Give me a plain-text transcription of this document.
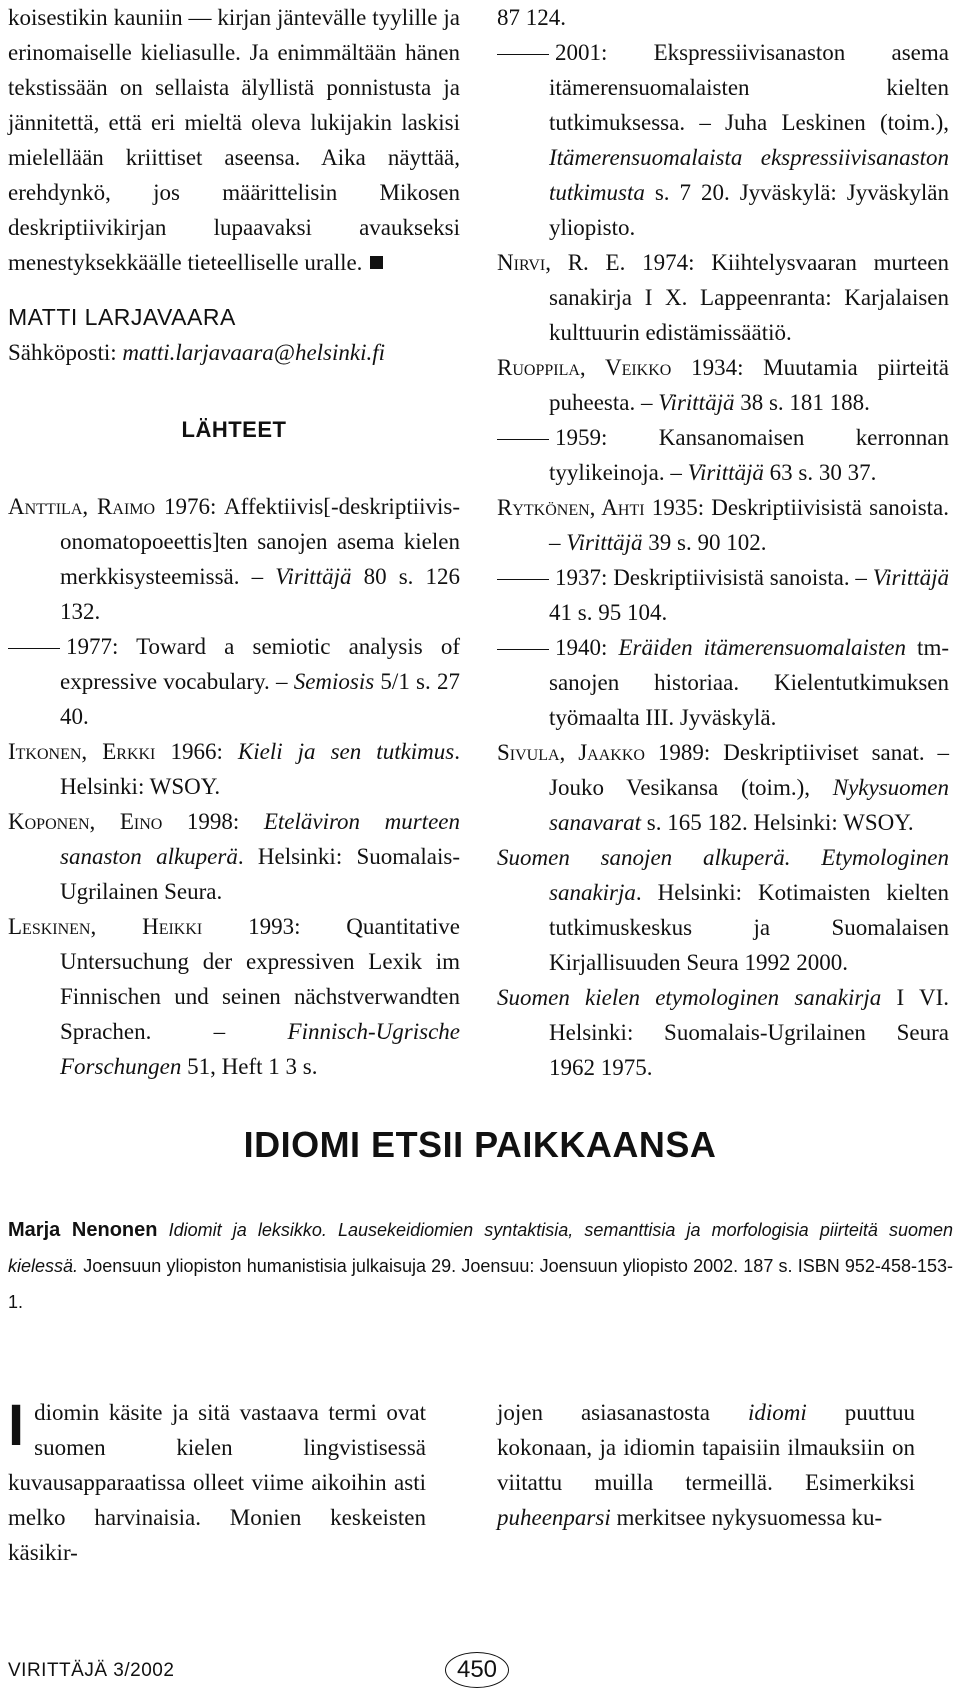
koisestikin kauniin — kirjan jäntevälle tyylille ja erinomaiselle kieliasulle. Ja enimmältään hänen tekstissään on sellaista älyllistä ponnistusta ja jännitettä, että eri mieltä oleva lukijakin laskisi mielellään kriittiset aseensa. Aika näyttää, erehdynkö, jos määrittelisin Mikosen deskriptiivikirjan lupaavaksi avaukseksi menestyksekkäälle tieteelliselle uralle.

MATTI LARJAVAARA

Sähköposti: matti.larjavaara@helsinki.fi

LÄHTEET

Anttila, Raimo 1976: Affektiivis[-deskriptiivis-onomatopoeettis]ten sanojen asema kielen merkkisysteemissä. – Virittäjä 80 s. 126 132.

1977: Toward a semiotic analysis of expressive vocabulary. – Semiosis 5/1 s. 27 40.

Itkonen, Erkki 1966: Kieli ja sen tutkimus. Helsinki: WSOY.

Koponen, Eino 1998: Eteläviron murteen sanaston alkuperä. Helsinki: Suomalais-Ugrilainen Seura.

Leskinen, Heikki 1993: Quantitative Untersuchung der expressiven Lexik im Finnischen und seinen nächstverwandten Sprachen. – Finnisch-Ugrische Forschungen 51, Heft 1 3 s.

87 124.

2001: Ekspressiivisanaston asema itämerensuomalaisten kielten tutkimuksessa. – Juha Leskinen (toim.), Itämerensuomalaista ekspressiivisanaston tutkimusta s. 7 20. Jyväskylä: Jyväskylän yliopisto.

Nirvi, R. E. 1974: Kiihtelysvaaran murteen sanakirja I X. Lappeenranta: Karjalaisen kulttuurin edistämissäätiö.

Ruoppila, Veikko 1934: Muutamia piirteitä puheesta. – Virittäjä 38 s. 181 188.

1959: Kansanomaisen kerronnan tyylikeinoja. – Virittäjä 63 s. 30 37.

Rytkönen, Ahti 1935: Deskriptiivisistä sanoista. – Virittäjä 39 s. 90 102.

1937: Deskriptiivisistä sanoista. – Virittäjä 41 s. 95 104.

1940: Eräiden itämerensuomalaisten tm-sanojen historiaa. Kielentutkimuksen työmaalta III. Jyväskylä.

Sivula, Jaakko 1989: Deskriptiiviset sanat. – Jouko Vesikansa (toim.), Nykysuomen sanavarat s. 165 182. Helsinki: WSOY.

Suomen sanojen alkuperä. Etymologinen sanakirja. Helsinki: Kotimaisten kielten tutkimuskeskus ja Suomalaisen Kirjallisuuden Seura 1992 2000.

Suomen kielen etymologinen sanakirja I VI. Helsinki: Suomalais-Ugrilainen Seura 1962 1975.

IDIOMI ETSII PAIKKAANSA

Marja Nenonen Idiomit ja leksikko. Lausekeidiomien syntaktisia, semanttisia ja morfologisia piirteitä suomen kielessä. Joensuun yliopiston humanistisia julkaisuja 29. Joensuu: Joensuun yliopisto 2002. 187 s. ISBN 952-458-153-1.

Idiomin käsite ja sitä vastaava termi ovat suomen kielen lingvistisessä kuvausapparaatissa olleet viime aikoihin asti melko harvinaisia. Monien keskeisten käsikir-

jojen asiasanastosta idiomi puuttuu kokonaan, ja idiomin tapaisiin ilmauksiin on viitattu muilla termeillä. Esimerkiksi puheenparsi merkitsee nykysuomessa ku-

VIRITTÄJÄ 3/2002	450
